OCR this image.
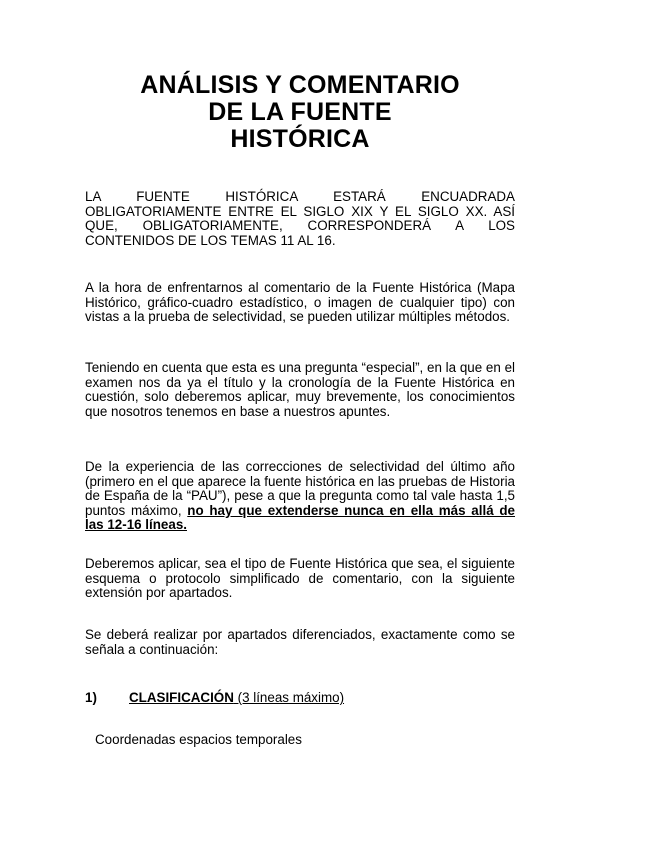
ANÁLISIS Y COMENTARIO
DE LA FUENTE
HISTÓRICA

LA FUENTE HISTÓRICA ESTARÁ ENCUADRADA OBLIGATORIAMENTE ENTRE EL SIGLO XIX Y EL SIGLO XX. ASÍ QUE, OBLIGATORIAMENTE, CORRESPONDERÁ A LOS CONTENIDOS DE LOS TEMAS 11 AL 16.

A la hora de enfrentarnos al comentario de la Fuente Histórica (Mapa Histórico, gráfico-cuadro estadístico, o imagen de cualquier tipo) con vistas a la prueba de selectividad, se pueden utilizar múltiples métodos.

Teniendo en cuenta que esta es una pregunta “especial”, en la que en el examen nos da ya el título y la cronología de la Fuente Histórica en cuestión, solo deberemos aplicar, muy brevemente, los conocimientos que nosotros tenemos en base a nuestros apuntes.

De la experiencia de las correcciones de selectividad del último año (primero en el que aparece la fuente histórica en las pruebas de Historia de España de la “PAU”), pese a que la pregunta como tal vale hasta 1,5 puntos máximo, no hay que extenderse nunca en ella más allá de las 12-16 líneas.

Deberemos aplicar, sea el tipo de Fuente Histórica que sea, el siguiente esquema o protocolo simplificado de comentario, con la siguiente extensión por apartados.

Se deberá realizar por apartados diferenciados, exactamente como se señala a continuación:

1) CLASIFICACIÓN (3 líneas máximo)

Coordenadas espacios temporales
